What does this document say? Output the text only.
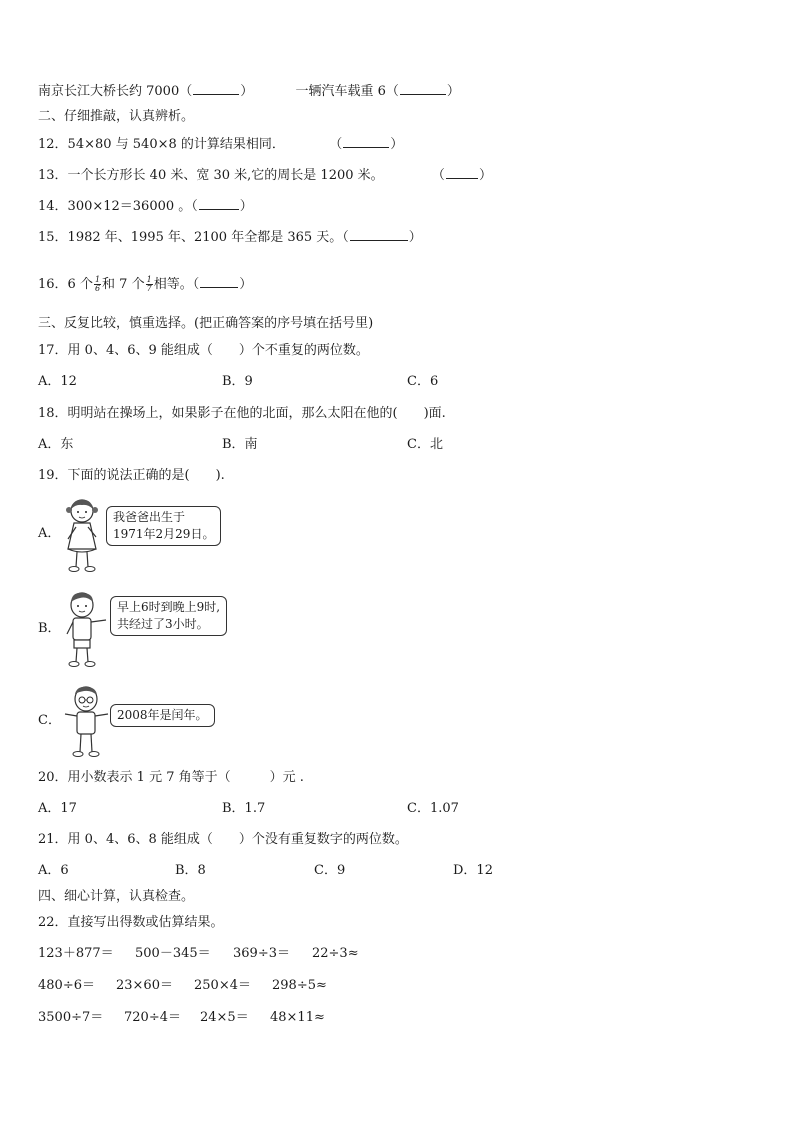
南京长江大桥长约 7000（	）	一辆汽车载重 6（	）
二、仔细推敲，认真辨析。
12．54×80 与 540×8 的计算结果相同．	（	）
13．一个长方形长 40 米、宽 30 米,它的周长是 1200 米。	（	）
14．300×12＝36000 。（	）
15．1982 年、1995 年、2100 年全都是 365 天。（	）
16．6 个 $\frac{1}{6}$ 和 7 个 $\frac{1}{7}$ 相等。（	）
三、反复比较，慎重选择。(把正确答案的序号填在括号里)
17．用 0、4、6、9 能组成（　　）个不重复的两位数。
A．12	B．9	C．6
18．明明站在操场上，如果影子在他的北面，那么太阳在他的(　　)面.
A．东	B．南	C．北
19．下面的说法正确的是(　　).
A．
我爸爸出生于
1971年2月29日。
B．
早上6时到晚上9时,
共经过了3小时。
C．	2008年是闰年。
20．用小数表示 1 元 7 角等于（　　　）元 .
A．17	B．1.7	C．1.07
21．用 0、4、6、8 能组成（　　）个没有重复数字的两位数。
A．6	B．8	C．9	D．12
四、细心计算，认真检查。
22．直接写出得数或估算结果。
123＋877＝ 500－345＝ 369÷3＝ 22÷3≈
480÷6＝ 23×60＝ 250×4＝ 298÷5≈
3500÷7＝ 720÷4＝ 24×5＝ 48×11≈
